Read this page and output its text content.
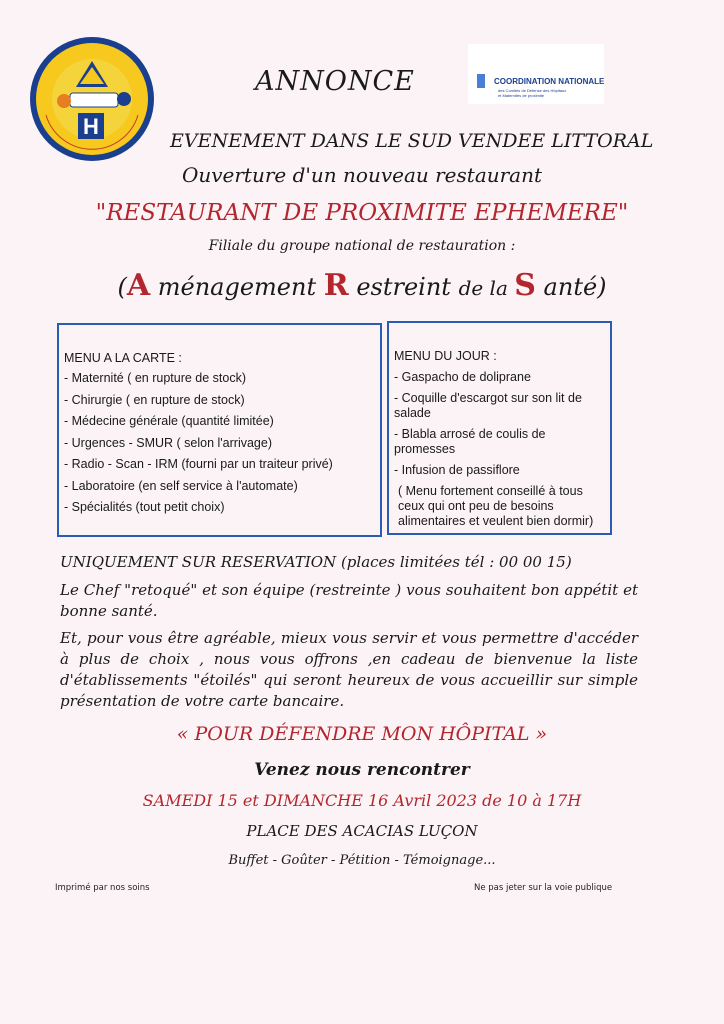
H
COORDINATION NATIONALE
des Comités de Défense des Hôpitaux
et Maternités de proximité
ANNONCE
EVENEMENT DANS LE SUD VENDEE LITTORAL
Ouverture d'un nouveau restaurant
"RESTAURANT DE PROXIMITE EPHEMERE"
Filiale du groupe national de restauration :
(A ménagement R estreint de la S anté)
MENU A LA CARTE :
- Maternité ( en rupture de stock)
- Chirurgie ( en rupture de stock)
- Médecine générale (quantité limitée)
- Urgences - SMUR ( selon l'arrivage)
- Radio - Scan - IRM (fourni par un traiteur privé)
- Laboratoire (en self service à l'automate)
- Spécialités (tout petit choix)
MENU DU JOUR :
- Gaspacho de doliprane
- Coquille d'escargot sur son lit de salade
- Blabla arrosé de coulis de promesses
- Infusion de passiflore
( Menu fortement conseillé à tous ceux qui ont peu de besoins alimentaires et veulent bien dormir)
UNIQUEMENT SUR RESERVATION (places limitées tél : 00 00 15)
Le Chef "retoqué" et son équipe (restreinte ) vous souhaitent bon appétit et bonne santé.
Et, pour vous être agréable, mieux vous servir et vous permettre d'accéder à plus de choix , nous vous offrons ,en cadeau de bienvenue la liste d'établissements "étoilés" qui seront heureux de vous accueillir sur simple présentation de votre carte bancaire.
« POUR DÉFENDRE MON HÔPITAL »
Venez nous rencontrer
SAMEDI 15 et DIMANCHE 16 Avril 2023 de 10 à 17H
PLACE DES ACACIAS LUÇON
Buffet - Goûter - Pétition - Témoignage...
Imprimé par nos soins	Ne pas jeter sur la voie publique
